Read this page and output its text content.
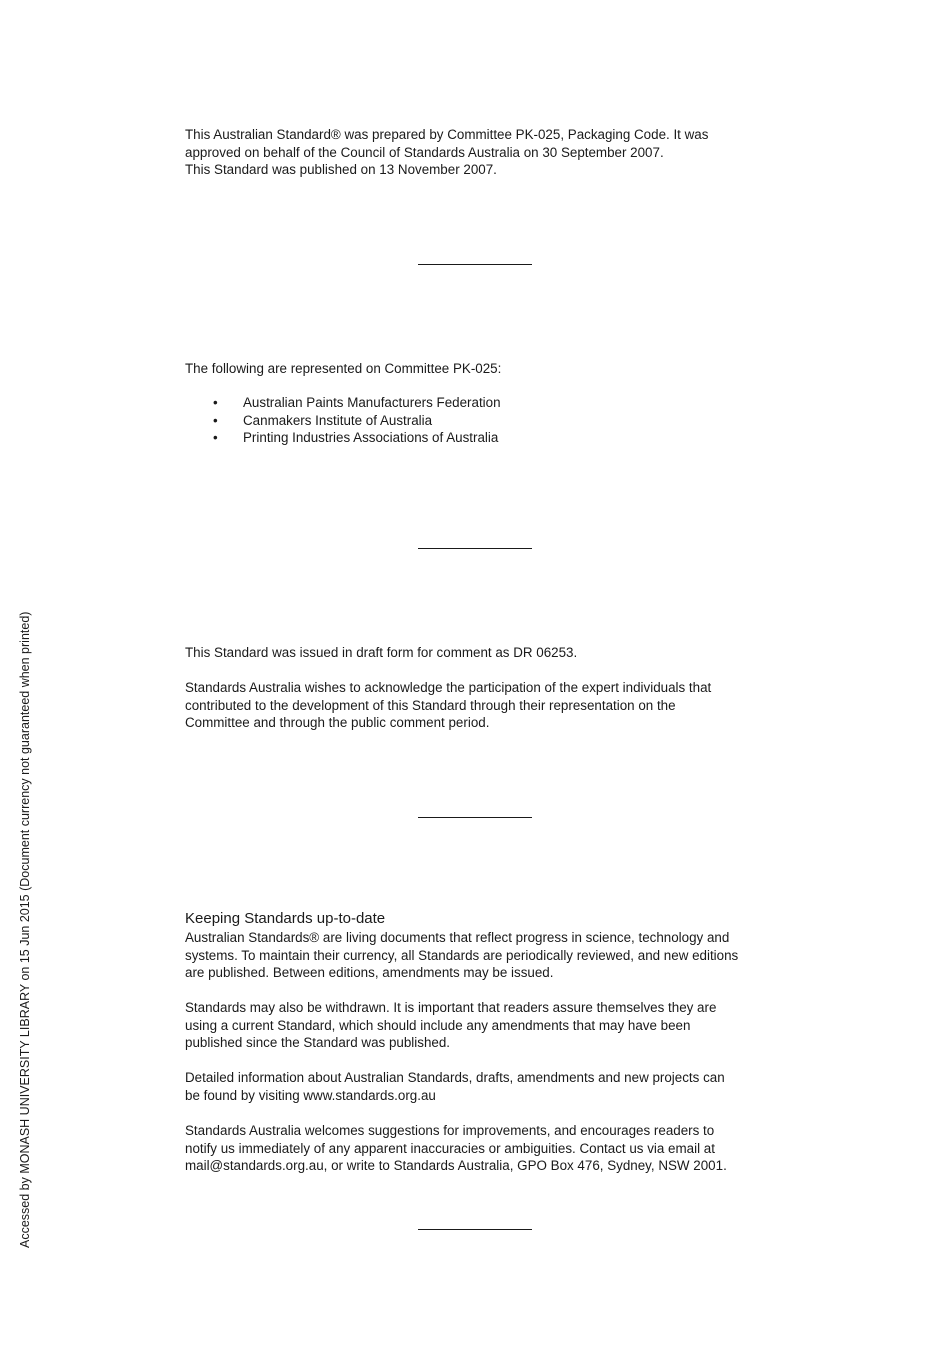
This Australian Standard® was prepared by Committee PK-025, Packaging Code. It was
approved on behalf of the Council of Standards Australia on 30 September 2007.
This Standard was published on 13 November 2007.

The following are represented on Committee PK-025:

• Australian Paints Manufacturers Federation
• Canmakers Institute of Australia
• Printing Industries Associations of Australia

This Standard was issued in draft form for comment as DR 06253.

Standards Australia wishes to acknowledge the participation of the expert individuals that
contributed to the development of this Standard through their representation on the
Committee and through the public comment period.

Keeping Standards up-to-date

Australian Standards® are living documents that reflect progress in science, technology and
systems. To maintain their currency, all Standards are periodically reviewed, and new editions
are published. Between editions, amendments may be issued.

Standards may also be withdrawn. It is important that readers assure themselves they are
using a current Standard, which should include any amendments that may have been
published since the Standard was published.

Detailed information about Australian Standards, drafts, amendments and new projects can
be found by visiting www.standards.org.au

Standards Australia welcomes suggestions for improvements, and encourages readers to
notify us immediately of any apparent inaccuracies or ambiguities. Contact us via email at
mail@standards.org.au, or write to Standards Australia, GPO Box 476, Sydney, NSW 2001.

Accessed by MONASH UNIVERSITY LIBRARY on 15 Jun 2015 (Document currency not guaranteed when printed)
